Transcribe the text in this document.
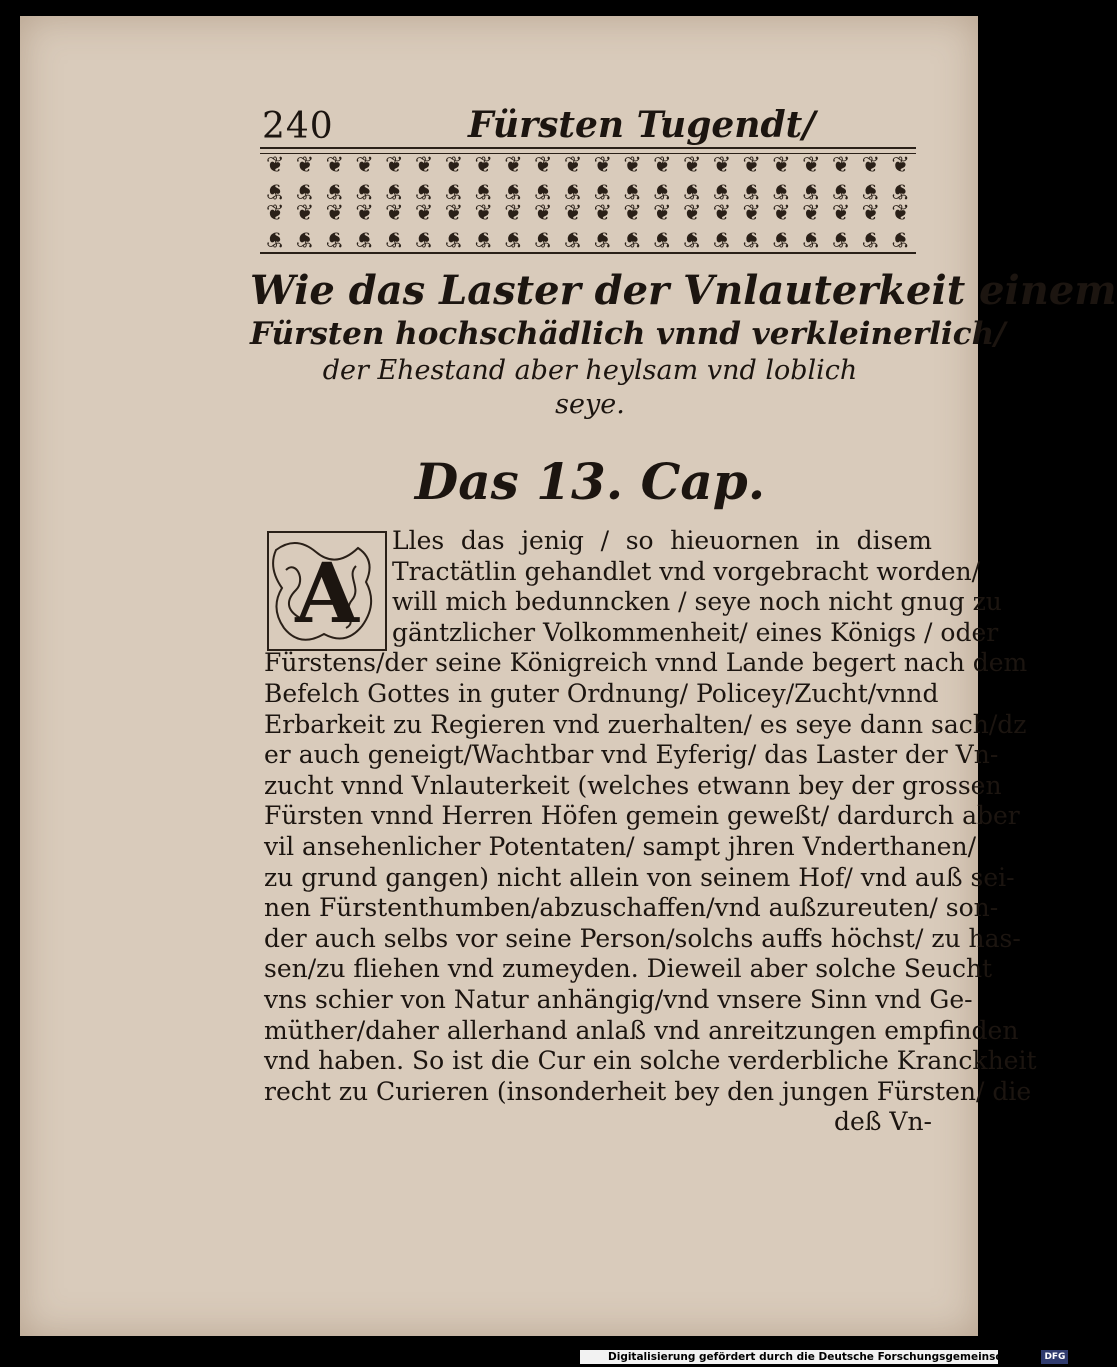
240	Fürsten Tugendt/
❦ ❦ ❦ ❦ ❦ ❦ ❦ ❦ ❦ ❦ ❦ ❦ ❦ ❦ ❦ ❦ ❦ ❦ ❦ ❦ ❦ ❦
❦ ❦ ❦ ❦ ❦ ❦ ❦ ❦ ❦ ❦ ❦ ❦ ❦ ❦ ❦ ❦ ❦ ❦ ❦ ❦ ❦ ❦
❦ ❦ ❦ ❦ ❦ ❦ ❦ ❦ ❦ ❦ ❦ ❦ ❦ ❦ ❦ ❦ ❦ ❦ ❦ ❦ ❦ ❦
❦ ❦ ❦ ❦ ❦ ❦ ❦ ❦ ❦ ❦ ❦ ❦ ❦ ❦ ❦ ❦ ❦ ❦ ❦ ❦ ❦ ❦
Wie das Laster der Vnlauterkeit einem
Fürsten hochschädlich vnnd verkleinerlich/
der Ehestand aber heylsam vnd loblich
seye.
Das 13. Cap.
A
Lles das jenig / so hieuornen in disem
Tractätlin gehandlet vnd vorgebracht worden/
will mich bedunncken / seye noch nicht gnug zu
gäntzlicher Volkommenheit/ eines Königs / oder
Fürstens/der seine Königreich vnnd Lande begert nach dem
Befelch Gottes in guter Ordnung/ Policey/Zucht/vnnd
Erbarkeit zu Regieren vnd zuerhalten/ es seye dann sach/dz
er auch geneigt/Wachtbar vnd Eyferig/ das Laster der Vn-
zucht vnnd Vnlauterkeit (welches etwann bey der grossen
Fürsten vnnd Herren Höfen gemein geweßt/ dardurch aber
vil ansehenlicher Potentaten/ sampt jhren Vnderthanen/
zu grund gangen) nicht allein von seinem Hof/ vnd auß sei-
nen Fürstenthumben/abzuschaffen/vnd außzureuten/ son-
der auch selbs vor seine Person/solchs auffs höchst/ zu has-
sen/zu fliehen vnd zumeyden. Dieweil aber solche Seucht
vns schier von Natur anhängig/vnd vnsere Sinn vnd Ge-
müther/daher allerhand anlaß vnd anreitzungen empfinden
vnd haben. So ist die Cur ein solche verderbliche Kranckheit
recht zu Curieren (insonderheit bey den jungen Fürsten/ die
deß Vn-
Digitalisierung gefördert durch die Deutsche Forschungsgemeinschaft - DFG
